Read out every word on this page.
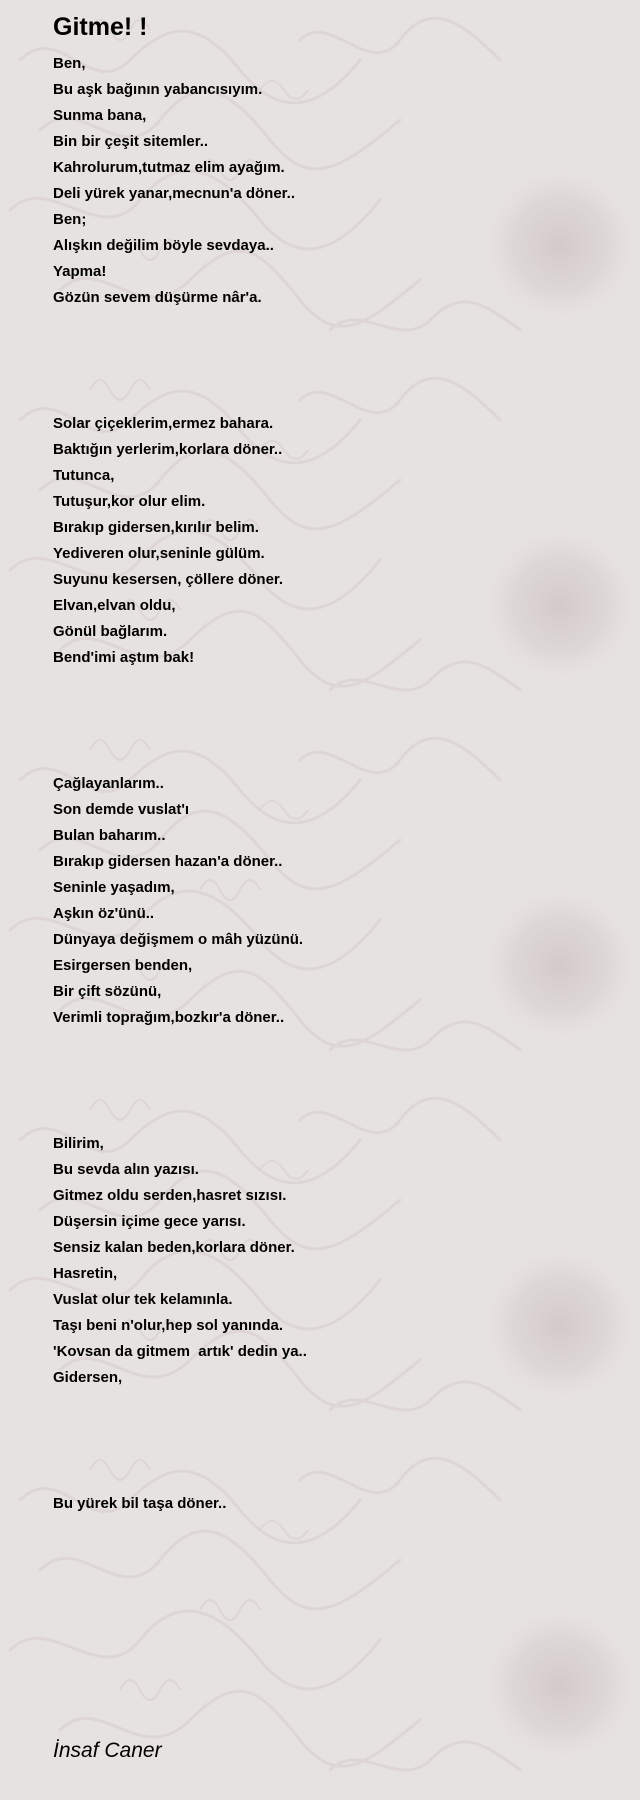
Gitme! !
Ben,
Bu aşk bağının yabancısıyım.
Sunma bana,
Bin bir çeşit sitemler..
Kahrolurum,tutmaz elim ayağım.
Deli yürek yanar,mecnun'a döner..
Ben;
Alışkın değilim böyle sevdaya..
Yapma!
Gözün sevem düşürme nâr'a.
Solar çiçeklerim,ermez bahara.
Baktığın yerlerim,korlara döner..
Tutunca,
Tutuşur,kor olur elim.
Bırakıp gidersen,kırılır belim.
Yediveren olur,seninle gülüm.
Suyunu kesersen, çöllere döner.
Elvan,elvan oldu,
Gönül bağlarım.
Bend'imi aştım bak!
Çağlayanlarım..
Son demde vuslat'ı
Bulan baharım..
Bırakıp gidersen hazan'a döner..
Seninle yaşadım,
Aşkın öz'ünü..
Dünyaya değişmem o mâh yüzünü.
Esirgersen benden,
Bir çift sözünü,
Verimli toprağım,bozkır'a döner..
Bilirim,
Bu sevda alın yazısı.
Gitmez oldu serden,hasret sızısı.
Düşersin içime gece yarısı.
Sensiz kalan beden,korlara döner.
Hasretin,
Vuslat olur tek kelamınla.
Taşı beni n'olur,hep sol yanında.
'Kovsan da gitmem  artık' dedin ya..
Gidersen,
Bu yürek bil taşa döner..
İnsaf Caner
